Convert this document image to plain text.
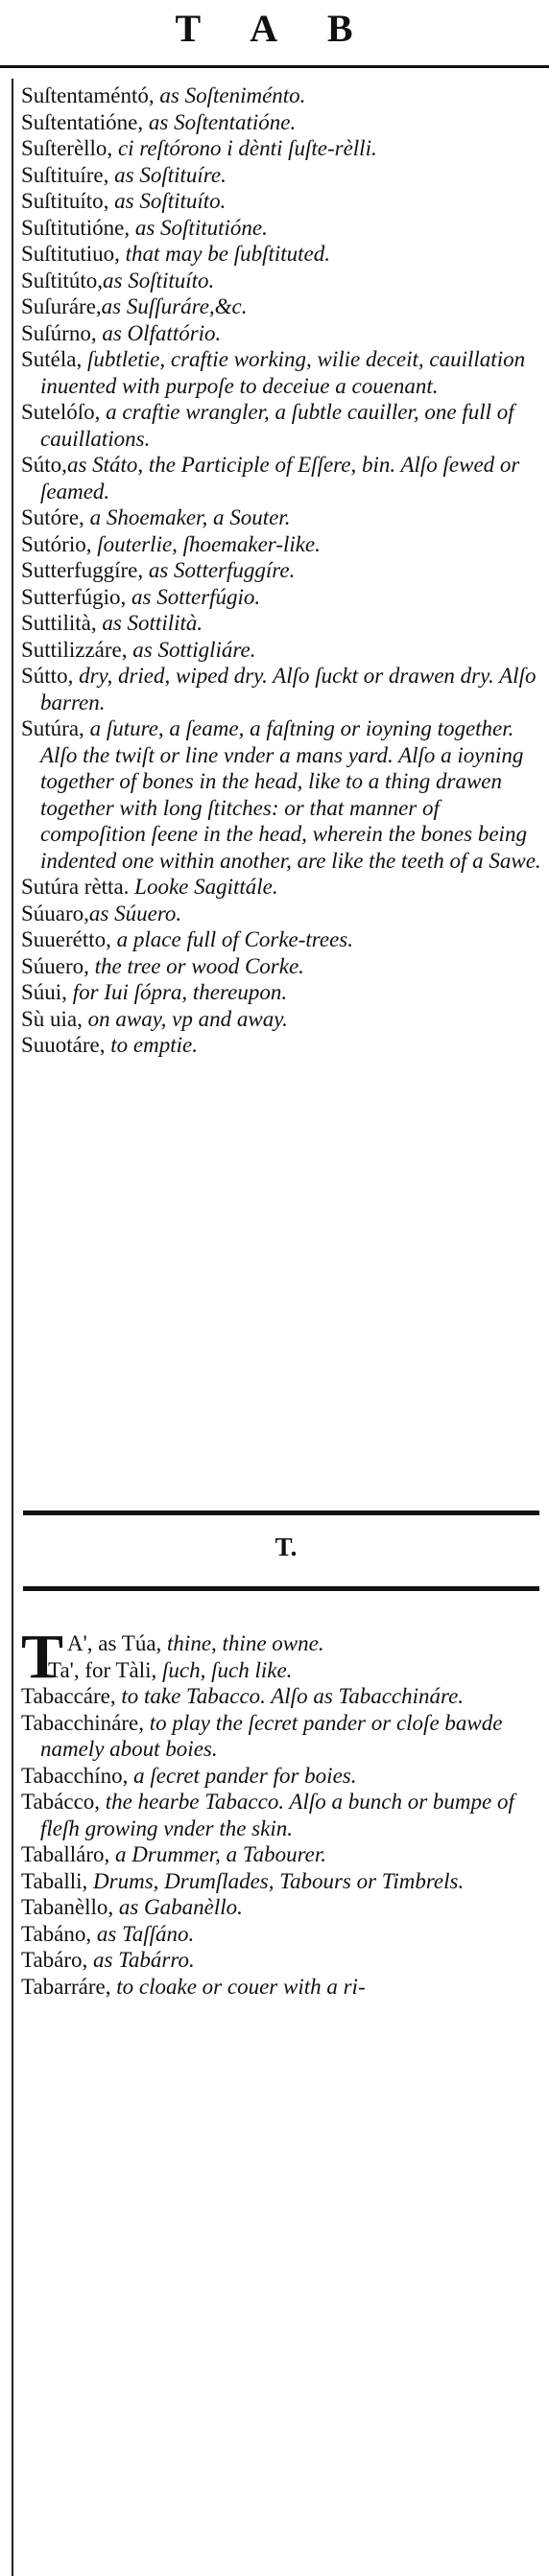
T A B

Suſtentaméntó, as Soſteniménto.

Suſtentatióne, as Soſtentatióne.

Suſterèllo, ci reſtórono i dènti ſuſte-rèlli.

Suſtituíre, as Soſtituíre.

Suſtituíto, as Soſtituíto.

Suſtitutióne, as Soſtitutióne.

Suſtitutiuo, that may be ſubſtituted.

Suſtitúto,as Soſtituíto.

Suſuráre,as Suſſuráre,&c.

Suſúrno, as Olfattório.

Sutéla, ſubtletie, craftie working, wilie deceit, cauillation inuented with purpoſe to deceiue a couenant.

Sutelóſo, a craftie wrangler, a ſubtle cauiller, one full of cauillations.

Súto,as Státo, the Participle of Eſſere, bin. Alſo ſewed or ſeamed.

Sutóre, a Shoemaker, a Souter.

Sutório, ſouterlie, ſhoemaker-like.

Sutterfuggíre, as Sotterfuggíre.

Sutterfúgio, as Sotterfúgio.

Suttilità, as Sottilità.

Suttilizzáre, as Sottigliáre.

Sútto, dry, dried, wiped dry. Alſo ſuckt or drawen dry. Alſo barren.

Sutúra, a ſuture, a ſeame, a faſtning or ioyning together. Alſo the twiſt or line vnder a mans yard. Alſo a ioyning together of bones in the head, like to a thing drawen together with long ſtitches: or that manner of compoſition ſeene in the head, wherein the bones being indented one within another, are like the teeth of a Sawe.

Sutúra rètta. Looke Sagittále.

Súuaro,as Súuero.

Suuerétto, a place full of Corke-trees.

Súuero, the tree or wood Corke.

Súui, for Iui ſópra, thereupon.

Sù uia, on away, vp and away.

Suuotáre, to emptie.

T.

T A', as Túa, thine, thine owne.

Ta', for Tàli, ſuch, ſuch like.

Tabaccáre, to take Tabacco. Alſo as Tabacchináre.

Tabacchináre, to play the ſecret pander or cloſe bawde namely about boies.

Tabacchíno, a ſecret pander for boies.

Tabácco, the hearbe Tabacco. Alſo a bunch or bumpe of fleſh growing vnder the skin.

Taballáro, a Drummer, a Tabourer.

Taballi, Drums, Drumſlades, Tabours or Timbrels.

Tabanèllo, as Gabanèllo.

Tabáno, as Taſſáno.

Tabáro, as Tabárro.

Tabarráre, to cloake or couer with a ri-
